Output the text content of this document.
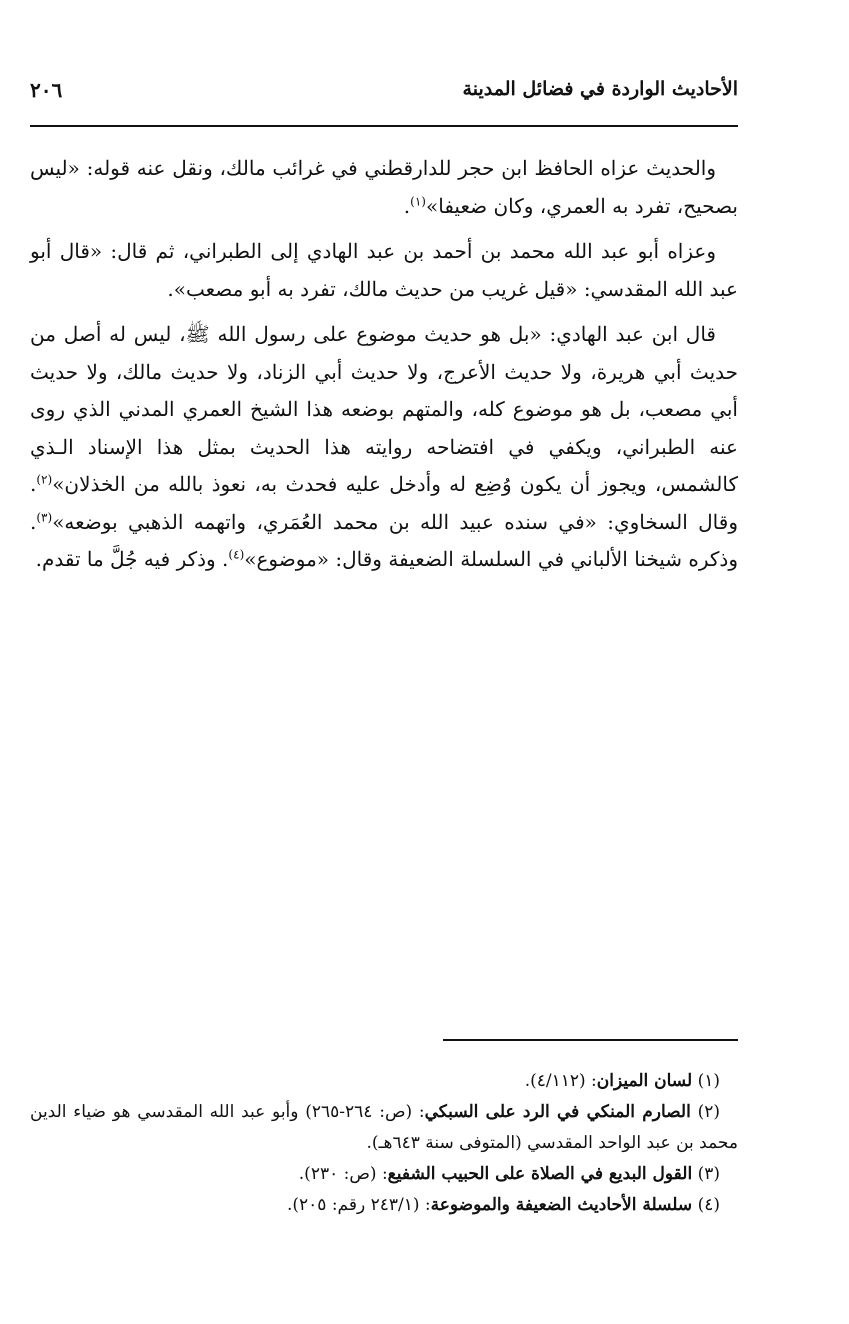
الأحاديث الواردة في فضائل المدينة
٢٠٦

والحديث عزاه الحافظ ابن حجر للدارقطني في غرائب مالك، ونقل عنه قوله: «ليس بصحيح، تفرد به العمري، وكان ضعيفا»$^{(١)}$.

وعزاه أبو عبد الله محمد بن أحمد بن عبد الهادي إلى الطبراني، ثم قال: «قال أبو عبد الله المقدسي: «قيل غريب من حديث مالك، تفرد به أبو مصعب».

قال ابن عبد الهادي: «بل هو حديث موضوع على رسول الله ﷺ، ليس له أصل من حديث أبي هريرة، ولا حديث الأعرج، ولا حديث أبي الزناد، ولا حديث مالك، ولا حديث أبي مصعب، بل هو موضوع كله، والمتهم بوضعه هذا الشيخ العمري المدني الذي روى عنه الطبراني، ويكفي في افتضاحه روايته هذا الحديث بمثل هذا الإسناد الـذي كالشمس، ويجوز أن يكون وُضِع له وأدخل عليه فحدث به، نعوذ بالله من الخذلان»$^{(٢)}$. وقال السخاوي: «في سنده عبيد الله بن محمد العُمَري، واتهمه الذهبي بوضعه»$^{(٣)}$. وذكره شيخنا الألباني في السلسلة الضعيفة وقال: «موضوع»$^{(٤)}$. وذكر فيه جُلَّ ما تقدم.

(١) لسان الميزان: (٤/١١٢).

(٢) الصارم المنكي في الرد على السبكي: (ص: ٢٦٤-٢٦٥) وأبو عبد الله المقدسي هو ضياء الدين محمد بن عبد الواحد المقدسي (المتوفى سنة ٦٤٣هـ).

(٣) القول البديع في الصلاة على الحبيب الشفيع: (ص: ٢٣٠).

(٤) سلسلة الأحاديث الضعيفة والموضوعة: (٢٤٣/١ رقم: ٢٠٥).
